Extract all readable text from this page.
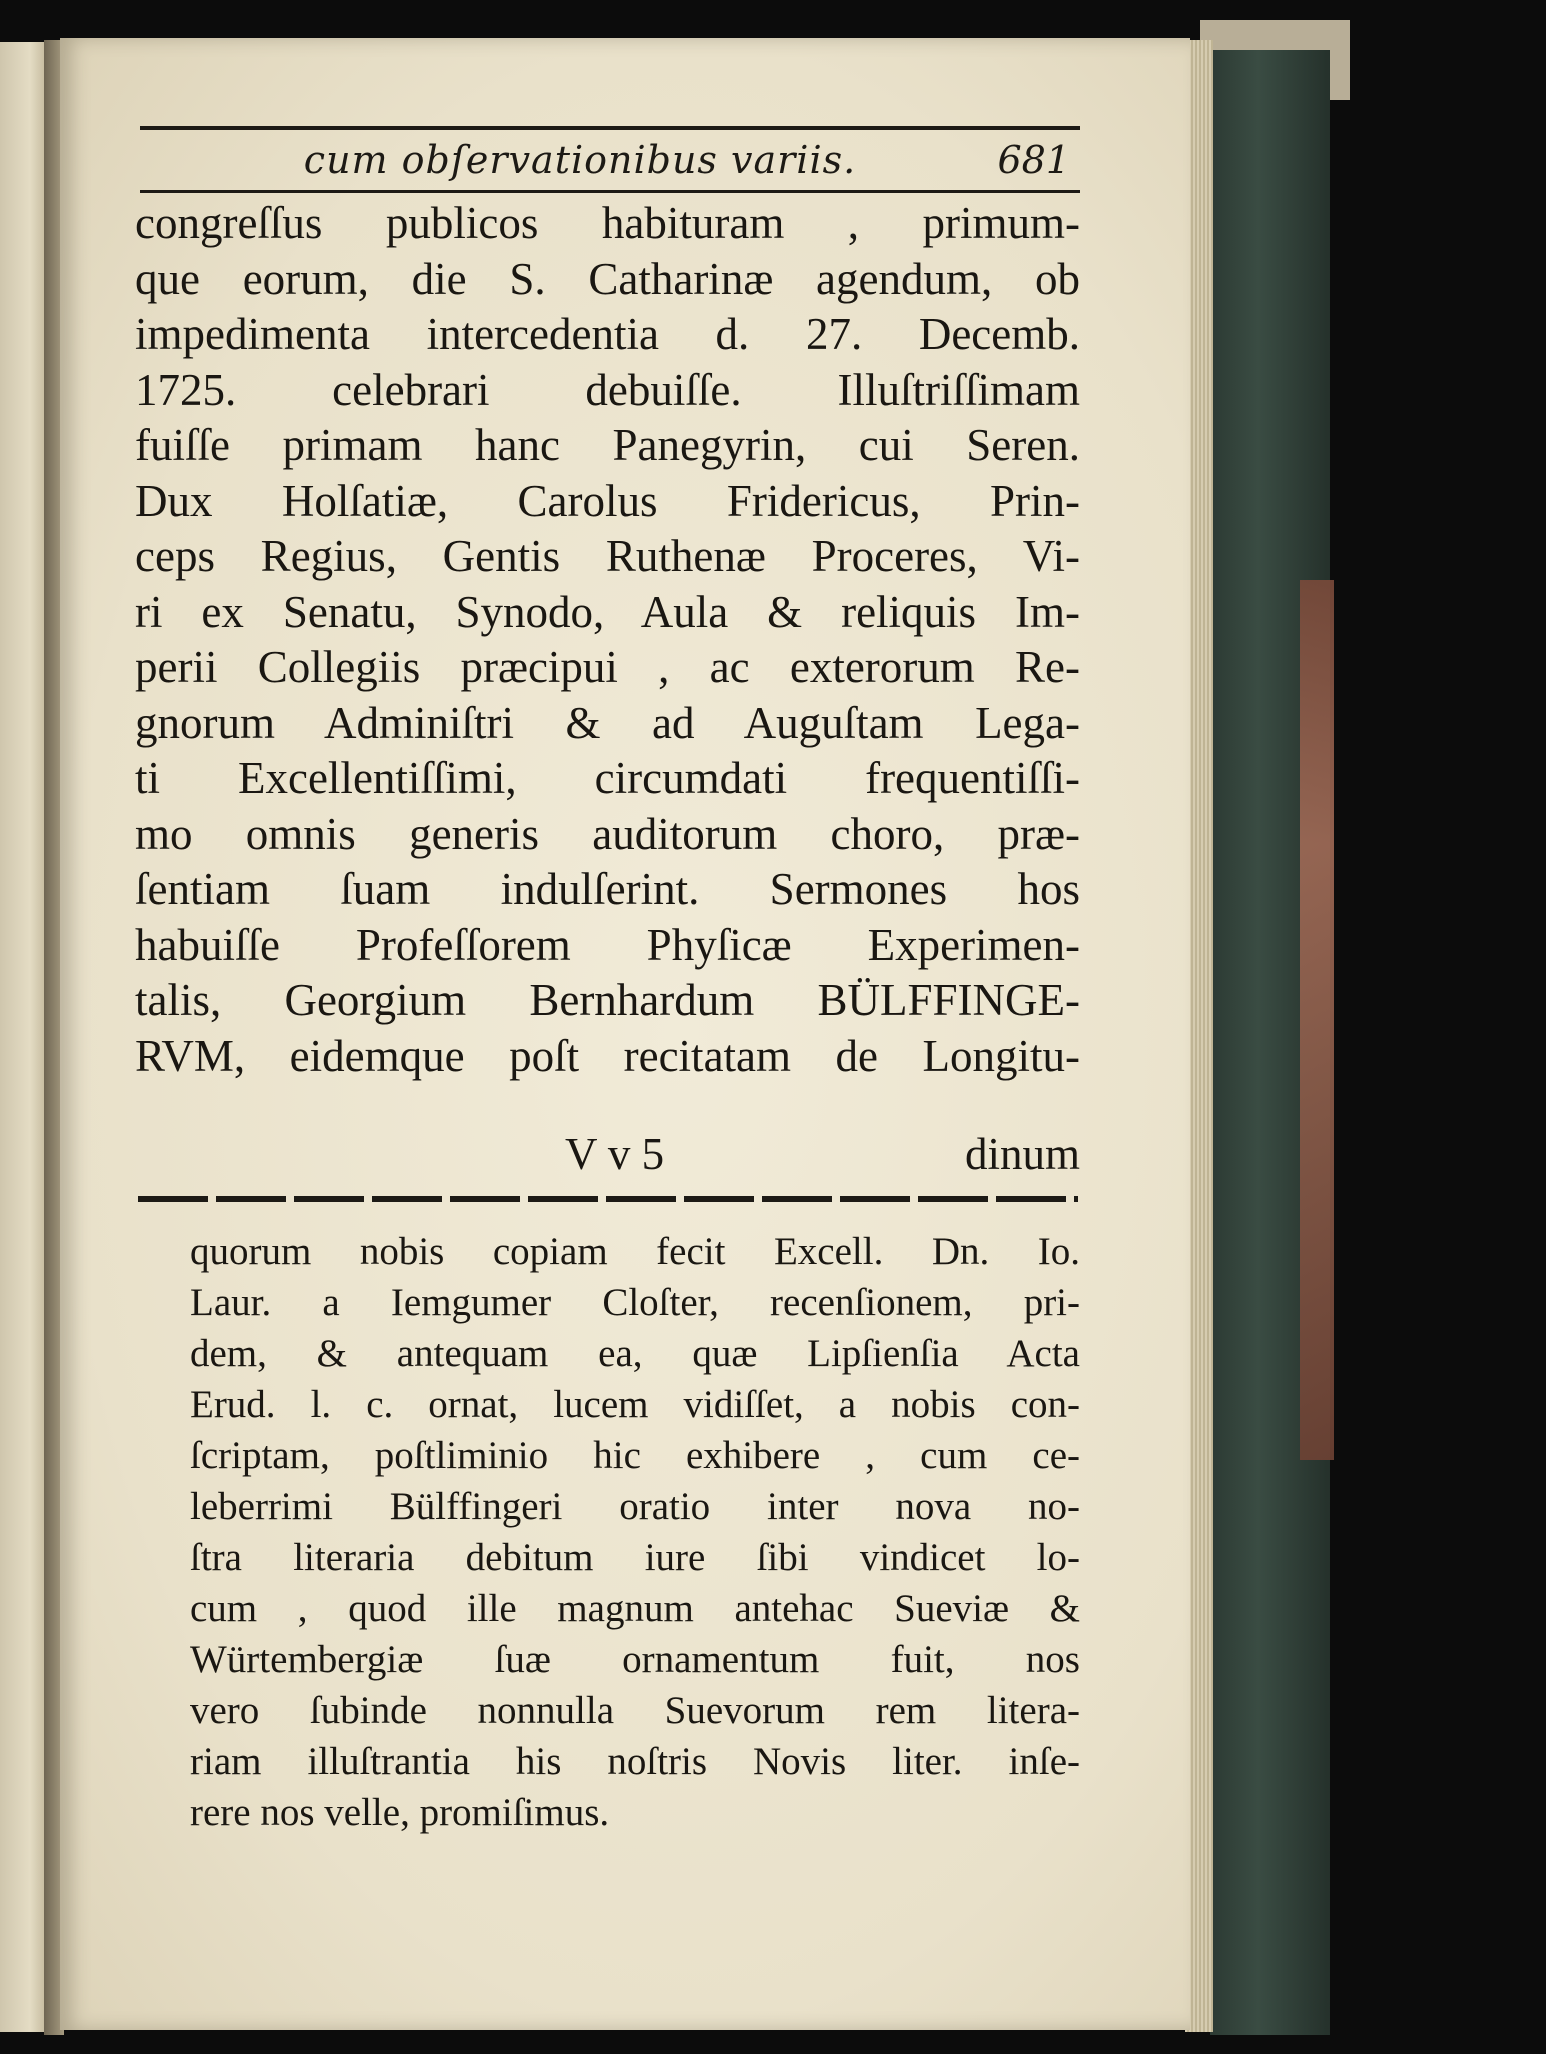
cum obſervationibus variis.	681
congreſſus publicos habituram , primum-
que eorum, die S. Catharinæ agendum, ob
impedimenta intercedentia d. 27. Decemb.
1725. celebrari debuiſſe. Illuſtriſſimam
fuiſſe primam hanc Panegyrin, cui Seren.
Dux Holſatiæ, Carolus Fridericus, Prin-
ceps Regius, Gentis Ruthenæ Proceres, Vi-
ri ex Senatu, Synodo, Aula & reliquis Im-
perii Collegiis præcipui , ac exterorum Re-
gnorum Adminiſtri & ad Auguſtam Lega-
ti Excellentiſſimi, circumdati frequentiſſi-
mo omnis generis auditorum choro, præ-
ſentiam ſuam indulſerint. Sermones hos
habuiſſe Profeſſorem Phyſicæ Experimen-
talis, Georgium Bernhardum BÜLFFINGE-
RVM, eidemque poſt recitatam de Longitu-
V v 5	dinum
quorum nobis copiam fecit Excell. Dn. Io.
Laur. a Iemgumer Cloſter, recenſionem, pri-
dem, & antequam ea, quæ Lipſienſia Acta
Erud. l. c. ornat, lucem vidiſſet, a nobis con-
ſcriptam, poſtliminio hic exhibere , cum ce-
leberrimi Bülffingeri oratio inter nova no-
ſtra literaria debitum iure ſibi vindicet lo-
cum , quod ille magnum antehac Sueviæ &
Würtembergiæ ſuæ ornamentum fuit, nos
vero ſubinde nonnulla Suevorum rem litera-
riam illuſtrantia his noſtris Novis liter. inſe-
rere nos velle, promiſimus.
